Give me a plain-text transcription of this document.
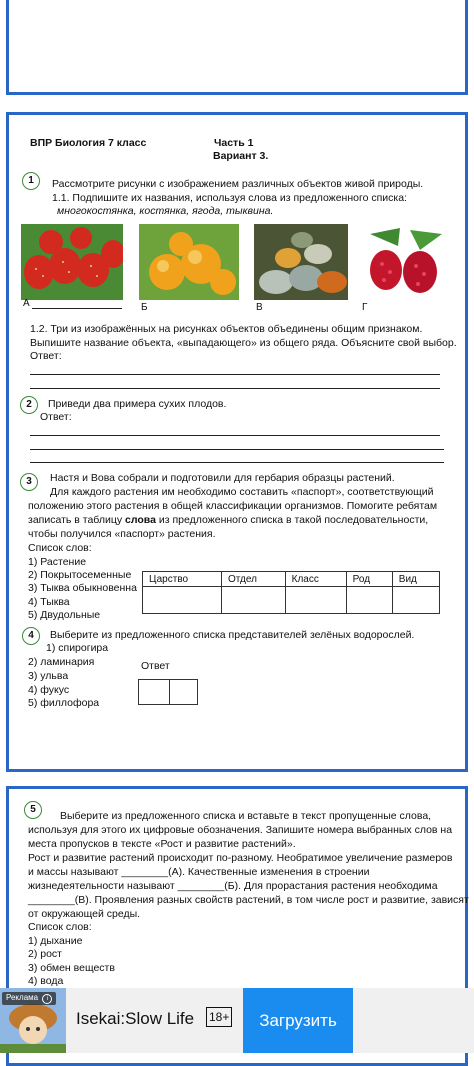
ВПР Биология 7 класс	Часть 1
Вариант 3.
1	Рассмотрите рисунки с изображением различных объектов живой природы.
1.1. Подпишите их названия, используя слова из предложенного списка:
многокостянка, костянка, ягода, тыквина.
А	Б	В	Г
1.2. Три из изображённых на рисунках объектов объединены общим признаком.
Выпишите название объекта, «выпадающего» из общего ряда. Объясните свой выбор.
Ответ:
2	Приведи два примера сухих плодов.
Ответ:
3	Настя и Вова собрали и подготовили для гербария образцы растений.
Для каждого растения им необходимо составить «паспорт», соответствующий
положению этого растения в общей классификации организмов. Помогите ребятам
записать в таблицу слова из предложенного списка в такой последовательности,
чтобы получился «паспорт» растения.
Список слов:
1) Растение
2) Покрытосеменные
3) Тыква обыкновенна
4) Тыква
5) Двудольные
Царство	Отдел	Класс	Род	Вид

4	Выберите из предложенного списка представителей зелёных водорослей.
1) спирогира
2) ламинария
3) ульва
4) фукус
5) филлофора
Ответ
5
Выберите из предложенного списка и вставьте в текст пропущенные слова,
используя для этого их цифровые обозначения. Запишите номера выбранных слов на
места пропусков в тексте «Рост и развитие растений».
Рост и развитие растений происходит по-разному. Необратимое увеличение размеров
и массы называют ________(А). Качественные изменения в строении
жизнедеятельности называют ________(Б). Для прорастания растения необходима
________(В). Проявления разных свойств растений, в том числе рост и развитие, зависят
от окружающей среды.
Список слов:
1) дыхание
2) рост
3) обмен веществ
4) вода
Реклама i
Isekai:Slow Life 18+	Загрузить
